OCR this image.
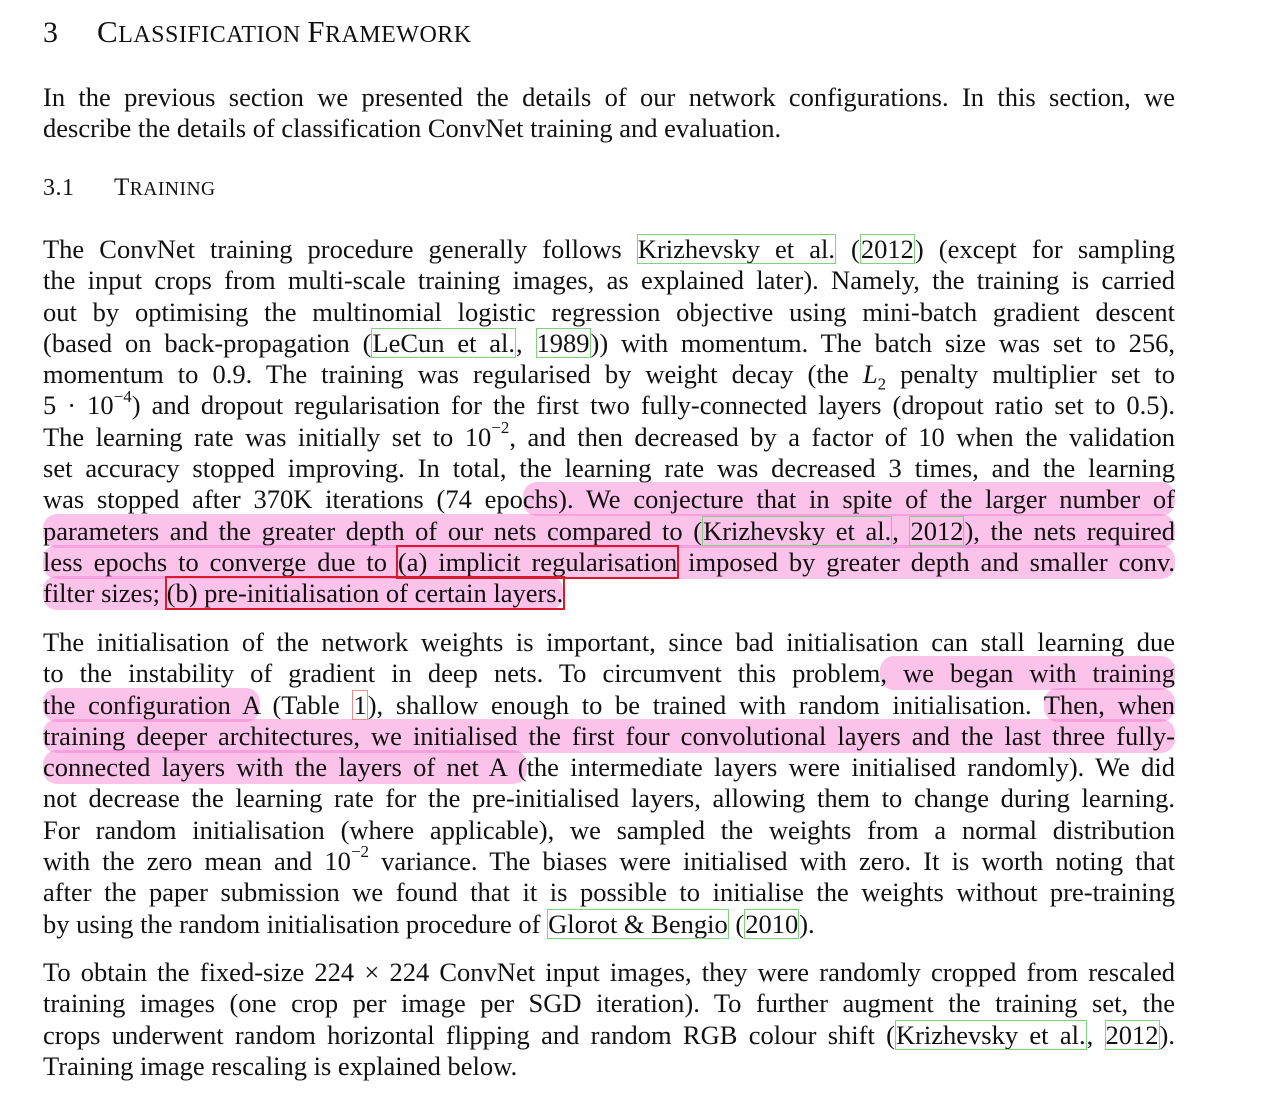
3 CLASSIFICATION FRAMEWORK
In the previous section we presented the details of our network configurations. In this section, we
describe the details of classification ConvNet training and evaluation.
3.1 TRAINING
The ConvNet training procedure generally follows Krizhevsky et al. (2012) (except for sampling
the input crops from multi-scale training images, as explained later). Namely, the training is carried
out by optimising the multinomial logistic regression objective using mini-batch gradient descent
(based on back-propagation (LeCun et al., 1989)) with momentum. The batch size was set to 256,
momentum to 0.9. The training was regularised by weight decay (the $L_2$ penalty multiplier set to
$5 \cdot 10^{-4}$) and dropout regularisation for the first two fully-connected layers (dropout ratio set to 0.5).
The learning rate was initially set to $10^{-2}$, and then decreased by a factor of 10 when the validation
set accuracy stopped improving. In total, the learning rate was decreased 3 times, and the learning
was stopped after 370K iterations (74 epochs). We conjecture that in spite of the larger number of
parameters and the greater depth of our nets compared to (Krizhevsky et al., 2012), the nets required
less epochs to converge due to (a) implicit regularisation imposed by greater depth and smaller conv.
filter sizes; (b) pre-initialisation of certain layers.
The initialisation of the network weights is important, since bad initialisation can stall learning due
to the instability of gradient in deep nets. To circumvent this problem, we began with training
the configuration A (Table 1), shallow enough to be trained with random initialisation. Then, when
training deeper architectures, we initialised the first four convolutional layers and the last three fully-
connected layers with the layers of net A (the intermediate layers were initialised randomly). We did
not decrease the learning rate for the pre-initialised layers, allowing them to change during learning.
For random initialisation (where applicable), we sampled the weights from a normal distribution
with the zero mean and $10^{-2}$ variance. The biases were initialised with zero. It is worth noting that
after the paper submission we found that it is possible to initialise the weights without pre-training
by using the random initialisation procedure of Glorot & Bengio (2010).
To obtain the fixed-size 224 × 224 ConvNet input images, they were randomly cropped from rescaled
training images (one crop per image per SGD iteration). To further augment the training set, the
crops underwent random horizontal flipping and random RGB colour shift (Krizhevsky et al., 2012).
Training image rescaling is explained below.
